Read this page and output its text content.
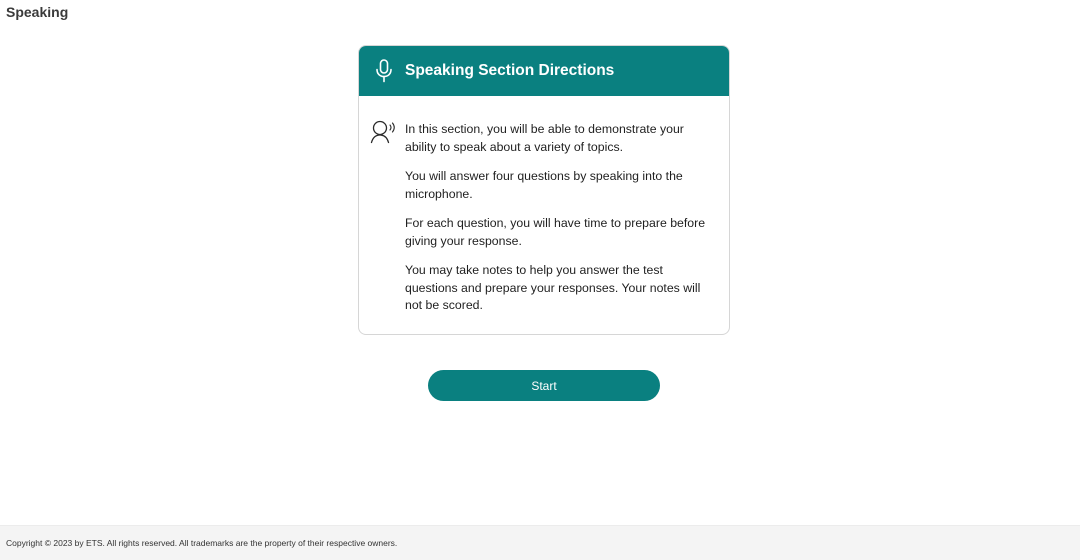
Speaking
Speaking Section Directions

In this section, you will be able to demonstrate your ability to speak about a variety of topics.

You will answer four questions by speaking into the microphone.

For each question, you will have time to prepare before giving your response.

You may take notes to help you answer the test questions and prepare your responses. Your notes will not be scored.

Start
Copyright © 2023 by ETS. All rights reserved. All trademarks are the property of their respective owners.
